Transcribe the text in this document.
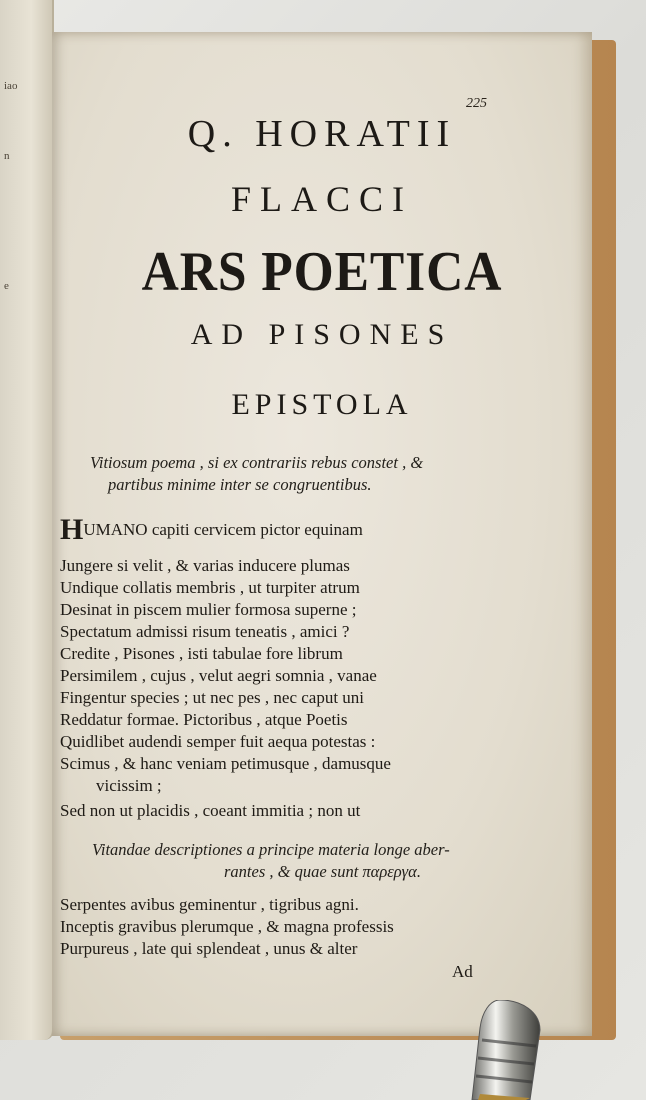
iao
n
e
225
Q. HORATII
FLACCI
ARS POETICA
AD PISONES
EPISTOLA
Vitiosum poema , si ex contrariis rebus constet , &
partibus minime inter se congruentibus.
HUMANO capiti cervicem pictor equinam
Jungere si velit , & varias inducere plumas
Undique collatis membris , ut turpiter atrum
Desinat in piscem mulier formosa superne ;
Spectatum admissi risum teneatis , amici ?
Credite , Pisones , isti tabulae fore librum
Persimilem , cujus , velut aegri somnia , vanae
Fingentur species ; ut nec pes , nec caput uni
Reddatur formae. Pictoribus , atque Poetis
Quidlibet audendi semper fuit aequa potestas :
Scimus , & hanc veniam petimusque , damusque
vicissim ;
Sed non ut placidis , coeant immitia ; non ut
Vitandae descriptiones a principe materia longe aber-
rantes , & quae sunt παρεργα.
Serpentes avibus geminentur , tigribus agni.
Inceptis gravibus plerumque , & magna professis
Purpureus , late qui splendeat , unus & alter
Ad
